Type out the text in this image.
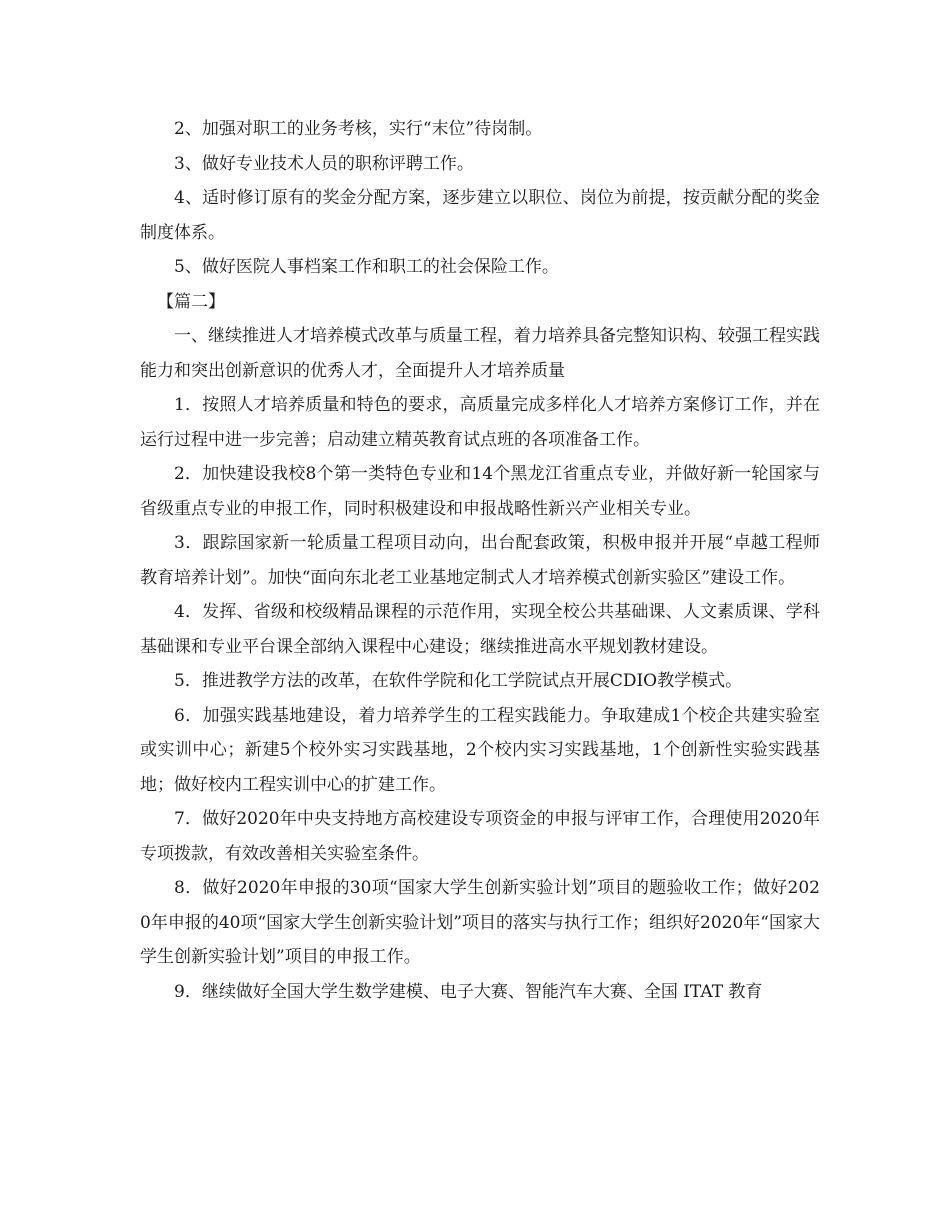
2、加强对职工的业务考核，实行“末位”待岗制。

3、做好专业技术人员的职称评聘工作。

4、适时修订原有的奖金分配方案，逐步建立以职位、岗位为前提，按贡献分配的奖金制度体系。

5、做好医院人事档案工作和职工的社会保险工作。

【篇二】

一、继续推进人才培养模式改革与质量工程，着力培养具备完整知识构、较强工程实践能力和突出创新意识的优秀人才，全面提升人才培养质量

1．按照人才培养质量和特色的要求，高质量完成多样化人才培养方案修订工作，并在运行过程中进一步完善；启动建立精英教育试点班的各项准备工作。

2．加快建设我校8个第一类特色专业和14个黑龙江省重点专业，并做好新一轮国家与省级重点专业的申报工作，同时积极建设和申报战略性新兴产业相关专业。

3．跟踪国家新一轮质量工程项目动向，出台配套政策，积极申报并开展“卓越工程师教育培养计划”。加快“面向东北老工业基地定制式人才培养模式创新实验区”建设工作。

4．发挥、省级和校级精品课程的示范作用，实现全校公共基础课、人文素质课、学科基础课和专业平台课全部纳入课程中心建设；继续推进高水平规划教材建设。

5．推进教学方法的改革，在软件学院和化工学院试点开展CDIO教学模式。

6．加强实践基地建设，着力培养学生的工程实践能力。争取建成1个校企共建实验室或实训中心；新建5个校外实习实践基地，2个校内实习实践基地，1个创新性实验实践基地；做好校内工程实训中心的扩建工作。

7．做好2020年中央支持地方高校建设专项资金的申报与评审工作，合理使用2020年专项拨款，有效改善相关实验室条件。

8．做好2020年申报的30项“国家大学生创新实验计划”项目的题验收工作；做好2020年申报的40项“国家大学生创新实验计划”项目的落实与执行工作；组织好2020年“国家大学生创新实验计划”项目的申报工作。

9．继续做好全国大学生数学建模、电子大赛、智能汽车大赛、全国 ITAT 教育
